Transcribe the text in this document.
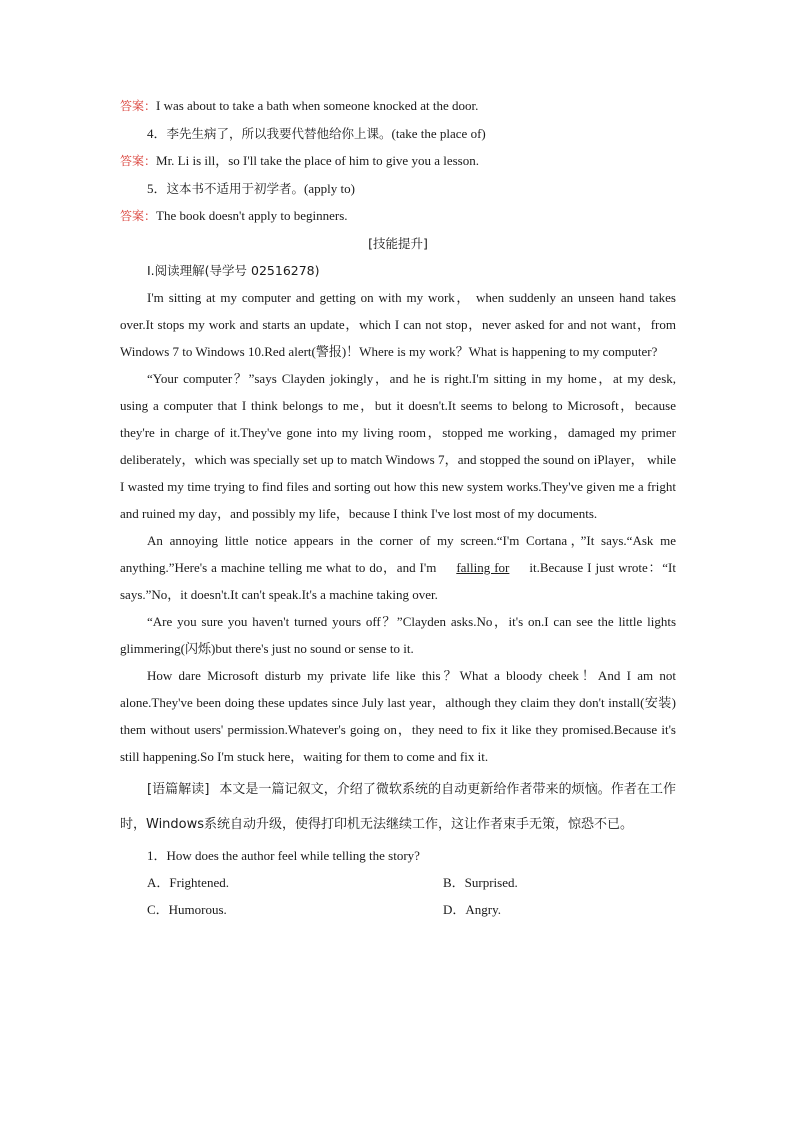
答案：I was about to take a bath when someone knocked at the door.
4．李先生病了，所以我要代替他给你上课。(take the place of)
答案：Mr. Li is ill，so I'll take the place of him to give you a lesson.
5．这本书不适用于初学者。(apply to)
答案：The book doesn't apply to beginners.
[技能提升]
Ⅰ.阅读理解(导学号 02516278)

I'm sitting at my computer and getting on with my work， when suddenly an unseen hand takes over.It stops my work and starts an update，which I can not stop，never asked for and not want，from Windows 7 to Windows 10.Red alert(警报)！Where is my work？What is happening to my computer?

“Your computer？”says Clayden jokingly，and he is right.I'm sitting in my home，at my desk, using a computer that I think belongs to me，but it doesn't.It seems to belong to Microsoft，because they're in charge of it.They've gone into my living room，stopped me working，damaged my primer deliberately，which was specially set up to match Windows 7，and stopped the sound on iPlayer， while I wasted my time trying to find files and sorting out how this new system works.They've given me a fright and ruined my day，and possibly my life，because I think I've lost most of my documents.

An annoying little notice appears in the corner of my screen.“I'm Cortana，”It says.“Ask me anything.”Here's a machine telling me what to do，and I'm falling for it.Because I just wrote：“It says.”No，it doesn't.It can't speak.It's a machine taking over.

“Are you sure you haven't turned yours off？”Clayden asks.No，it's on.I can see the little lights glimmering(闪烁)but there's just no sound or sense to it.

How dare Microsoft disturb my private life like this？What a bloody cheek！And I am not alone.They've been doing these updates since July last year，although they claim they don't install(安装) them without users' permission.Whatever's going on，they need to fix it like they promised.Because it's still happening.So I'm stuck here，waiting for them to come and fix it.

[语篇解读] 本文是一篇记叙文，介绍了微软系统的自动更新给作者带来的烦恼。作者在工作时，Windows系统自动升级，使得打印机无法继续工作，这让作者束手无策，惊恐不已。

1．How does the author feel while telling the story?
A．Frightened.	B．Surprised.
C．Humorous.	D．Angry.
